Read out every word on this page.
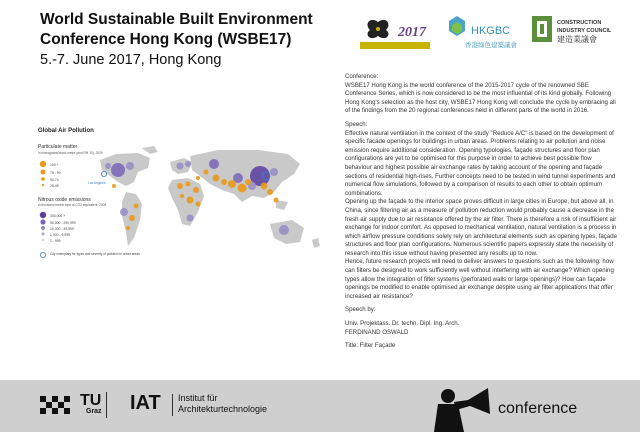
World Sustainable Built Environment Conference Hong Kong (WSBE17)
5.-7. June 2017, Hong Kong
2017	HKGBC
香港綠色建築議會
CONSTRUCTION
INDUSTRY COUNCIL
建造業議會
Global Air Pollution
Particulate matter
in micrograms/cubic metre (and PM 10), 2009
100 +
75 - 99
50-74
25-49
Nitrous oxide emissions
in thousand metric tons of CO2 equivalent, 2008
300,000 +
50,000 - 299,999
10,000 - 49,999
1,000 - 9,999
1 - 999
City exemplary for types and severity of pollution in urban areas
Los Angeles

Conference:
WSBE17 Hong Kong is the world conference of the 2015-2017 cycle of the renowned SBE Conference Series, which is now considered to be the most influential of its kind globally. Following Hong Kong's selection as the host city, WSBE17 Hong Kong will conclude the cycle by embracing all of the findings from the 20 regional conferences held in different parts of the world in 2016.

Speech:
Effective natural ventilation in the context of the study "Reduce A/C" is based on the development of specific facade openings for buildings in urban areas. Problems relating to air pollution and noise emission require additional consideration. Opening typologies, façade structures and floor plan configurations are yet to be optimised for this purpose in order to achieve best possible flow behaviour and highest possible air exchange rates by taking account of the opening and façade sections of residential high-rises. Further concepts need to be tested in wind tunnel experiments and numerical flow simulations, followed by a comparison of results to each other to obtain optimum combinations.
Opening up the façade to the interior space proves difficult in large cities in Europe, but above all, in China, since filtering air as a measure of pollution reduction would probably cause a decrease in the fresh air supply due to air resistance offered by the air filter. There is therefore a risk of insufficient air exchange for indoor comfort. As opposed to mechanical ventilation, natural ventilation is a process in which airflow pressure conditions solely rely on architectural elements such as opening types, façade structures and floor plan configurations. Numerous scientific papers expressly state the necessity of research into this issue without having presented any results up to now.
Hence, future research projects will need to deliver answers to questions such as the following: how can filters be designed to work sufficiently well without interfering with air exchange? Which opening types allow the integration of filter systems (perforated walls or large openings)? How can façade openings be modified to enable optimised air exchange despite using air filter applications that offer increased air resistance?

Speech by:

Univ. Projektass. Dr. techn. Dipl. Ing. Arch.
FERDINAND OSWALD

Title: Filter Façade

TU
Graz IAT Institut für
Architekturtechnologie	conference
